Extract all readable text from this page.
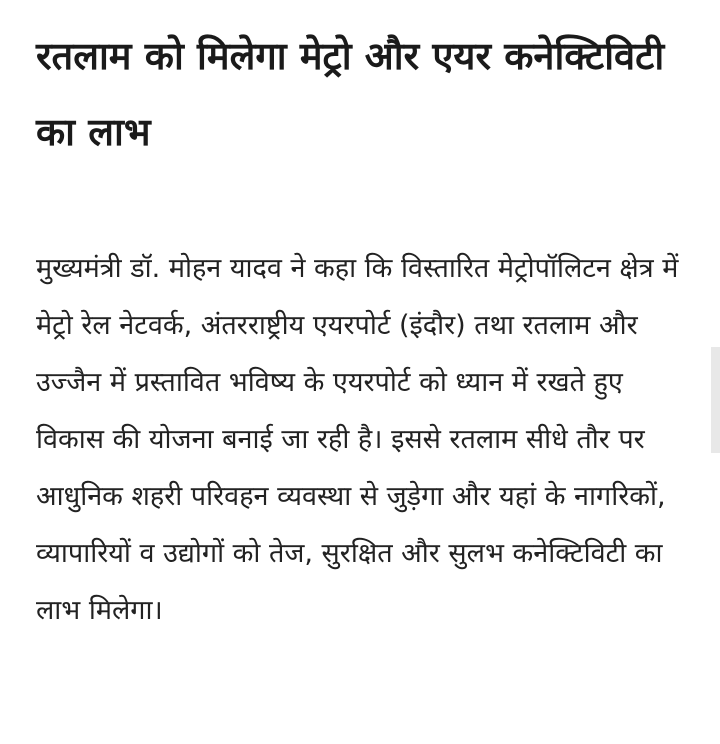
रतलाम को मिलेगा मेट्रो और एयर कनेक्टिविटी का लाभ

मुख्यमंत्री डॉ. मोहन यादव ने कहा कि विस्तारित मेट्रोपॉलिटन क्षेत्र में मेट्रो रेल नेटवर्क, अंतरराष्ट्रीय एयरपोर्ट (इंदौर) तथा रतलाम और उज्जैन में प्रस्तावित भविष्य के एयरपोर्ट को ध्यान में रखते हुए विकास की योजना बनाई जा रही है। इससे रतलाम सीधे तौर पर आधुनिक शहरी परिवहन व्यवस्था से जुड़ेगा और यहां के नागरिकों, व्यापारियों व उद्योगों को तेज, सुरक्षित और सुलभ कनेक्टिविटी का लाभ मिलेगा।
